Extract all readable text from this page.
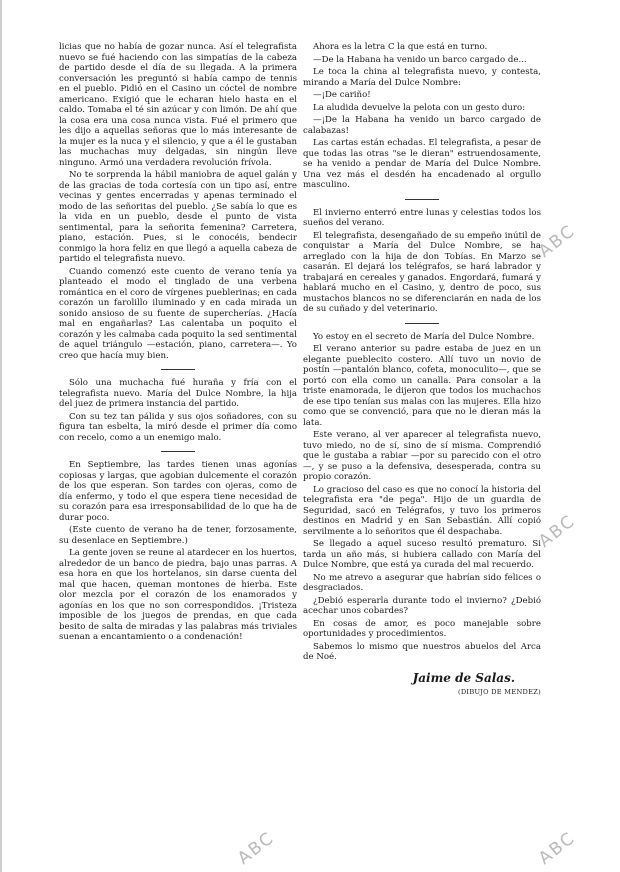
licias que no había de gozar nunca. Así el telegrafista nuevo se fué haciendo con las simpatías de la cabeza de partido desde el día de su llegada. A la primera conversación les preguntó si había campo de tennis en el pueblo. Pidió en el Casino un cóctel de nombre americano. Exigió que le echaran hielo hasta en el caldo. Tomaba el té sin azúcar y con limón. De ahí que la cosa era una cosa nunca vista. Fué el primero que les dijo a aquellas señoras que lo más interesante de la mujer es la nuca y el silencio, y que a él le gustaban las muchachas muy delgadas, sin ningún lleve ninguno. Armó una verdadera revolución frívola.

No te sorprenda la hábil maniobra de aquel galán y de las gracias de toda cortesía con un tipo así, entre vecinas y gentes encerradas y apenas terminado el modo de las señoritas del pueblo. ¿Se sabía lo que es la vida en un pueblo, desde el punto de vista sentimental, para la señorita femenina? Carretera, piano, estación. Pues, si le conocéis, bendecir conmigo la hora feliz en que llegó a aquella cabeza de partido el telegrafista nuevo.

Cuando comenzó este cuento de verano tenía ya planteado el modo el tinglado de una verbena romántica en el coro de vírgenes pueblerinas; en cada corazón un farolillo iluminado y en cada mirada un sonido ansioso de su fuente de supercherías. ¿Hacía mal en engañarlas? Las calentaba un poquito el corazón y les calmaba cada poquito la sed sentimental de aquel triángulo —estación, piano, carretera—. Yo creo que hacía muy bien.

Sólo una muchacha fué huraña y fría con el telegrafista nuevo. María del Dulce Nombre, la hija del juez de primera instancia del partido.

Con su tez tan pálida y sus ojos soñadores, con su figura tan esbelta, la miró desde el primer día como con recelo, como a un enemigo malo.

En Septiembre, las tardes tienen unas agonías copiosas y largas, que agobian dulcemente el corazón de los que esperan. Son tardes con ojeras, como de día enfermo, y todo el que espera tiene necesidad de su corazón para esa irresponsabilidad de lo que ha de durar poco.

(Este cuento de verano ha de tener, forzosamente, su desenlace en Septiembre.)

La gente joven se reune al atardecer en los huertos, alrededor de un banco de piedra, bajo unas parras. A esa hora en que los hortelanos, sin darse cuenta del mal que hacen, queman montones de hierba. Este olor mezcla por el corazón de los enamorados y agonías en los que no son correspondidos. ¡Tristeza imposible de los juegos de prendas, en que cada besito de salta de miradas y las palabras más triviales suenan a encantamiento o a condenación!

Ahora es la letra C la que está en turno.

—De la Habana ha venido un barco cargado de...

Le toca la china al telegrafista nuevo, y contesta, mirando a María del Dulce Nombre:

—¡De cariño!

La aludida devuelve la pelota con un gesto duro:

—¡De la Habana ha venido un barco cargado de calabazas!

Las cartas están echadas. El telegrafista, a pesar de que todas las otras "se le dieran" estruendosamente, se ha venido a pendar de María del Dulce Nombre. Una vez más el desdén ha encadenado al orgullo masculino.

El invierno enterró entre lunas y celestias todos los sueños del verano.

El telegrafista, desengañado de su empeño inútil de conquistar a María del Dulce Nombre, se ha arreglado con la hija de don Tobías. En Marzo se casarán. El dejará los telégrafos, se hará labrador y trabajará en cereales y ganados. Engordará, fumará y hablará mucho en el Casino, y, dentro de poco, sus mustachos blancos no se diferenciarán en nada de los de su cuñado y del veterinario.

Yo estoy en el secreto de María del Dulce Nombre.

El verano anterior su padre estaba de juez en un elegante pueblecito costero. Allí tuvo un novio de postín —pantalón blanco, cofeta, monoculito—, que se portó con ella como un canalla. Para consolar a la triste enamorada, le dijeron que todos los muchachos de ese tipo tenían sus malas con las mujeres. Ella hizo como que se convenció, para que no le dieran más la lata.

Este verano, al ver aparecer al telegrafista nuevo, tuvo miedo, no de sí, sino de sí misma. Comprendió que le gustaba a rabiar —por su parecido con el otro—, y se puso a la defensiva, desesperada, contra su propio corazón.

Lo gracioso del caso es que no conocí la historia del telegrafista era "de pega". Hijo de un guardia de Seguridad, sacó en Telégrafos, y tuvo los primeros destinos en Madrid y en San Sebastián. Allí copió servilmente a lo señoritos que él despachaba.

Se llegado a aquel suceso resultó prematuro. Si tarda un año más, si hubiera callado con María del Dulce Nombre, que está ya curada del mal recuerdo.

No me atrevo a asegurar que habrían sido felices o desgraciados.

¿Debió esperarla durante todo el invierno? ¿Debió acechar unos cobardes?

En cosas de amor, es poco manejable sobre oportunidades y procedimientos.

Sabemos lo mismo que nuestros abuelos del Arca de Noé.

Jaime de Salas.
(DIBUJO DE MENDEZ)
ABC
ABC
ABC
ABC
